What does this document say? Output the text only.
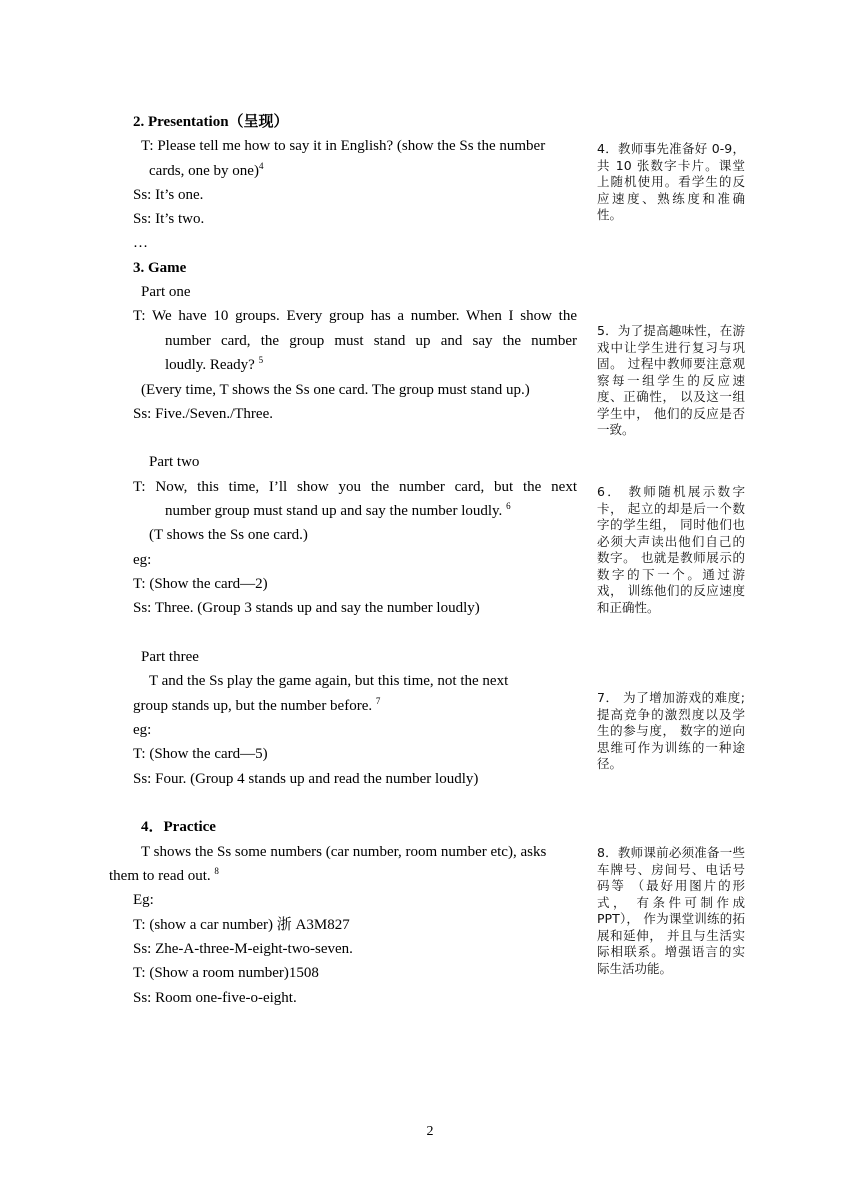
2. Presentation（呈现）
T: Please tell me how to say it in English? (show the Ss the number
cards, one by one)$^4$
Ss: It’s one.
Ss: It’s two.
…
3. Game
Part one
T: We have 10 groups. Every group has a number. When I show the
number card, the group must stand up and say the number
loudly. Ready? $^5$
(Every time, T shows the Ss one card. The group must stand up.)
Ss: Five./Seven./Three.
Part two
T: Now, this time, I’ll show you the number card, but the next
number group must stand up and say the number loudly. $^6$
(T shows the Ss one card.)
eg:
T: (Show the card—2)
Ss: Three. (Group 3 stands up and say the number loudly)
Part three
T and the Ss play the game again, but this time, not the next
group stands up, but the number before. $^7$
eg:
T: (Show the card—5)
Ss: Four. (Group 4 stands up and read the number loudly)
4．Practice
T shows the Ss some numbers (car number, room number etc), asks
them to read out. $^8$
Eg:
T: (show a car number) 浙 A3M827
Ss: Zhe-A-three-M-eight-two-seven.
T: (Show a room number)1508
Ss: Room one-five-o-eight.
4．教师事先准备好 0-9，共 10 张数字卡片。课堂上随机使用。看学生的反应速度、熟练度和准确性。
5．为了提高趣味性，在游戏中让学生进行复习与巩固。 过程中教师要注意观察每一组学生的反应速度、正确性， 以及这一组学生中， 他们的反应是否一致。
6． 教师随机展示数字卡， 起立的却是后一个数字的学生组， 同时他们也必须大声读出他们自己的数字。 也就是教师展示的数字的下一个。通过游戏， 训练他们的反应速度和正确性。
7． 为了增加游戏的难度;提高竞争的激烈度以及学生的参与度， 数字的逆向思维可作为训练的一种途径。
8．教师课前必须准备一些车牌号、房间号、电话号码等 （最好用图片的形式， 有条件可制作成 PPT）， 作为课堂训练的拓展和延伸， 并且与生活实际相联系。增强语言的实际生活功能。
2
